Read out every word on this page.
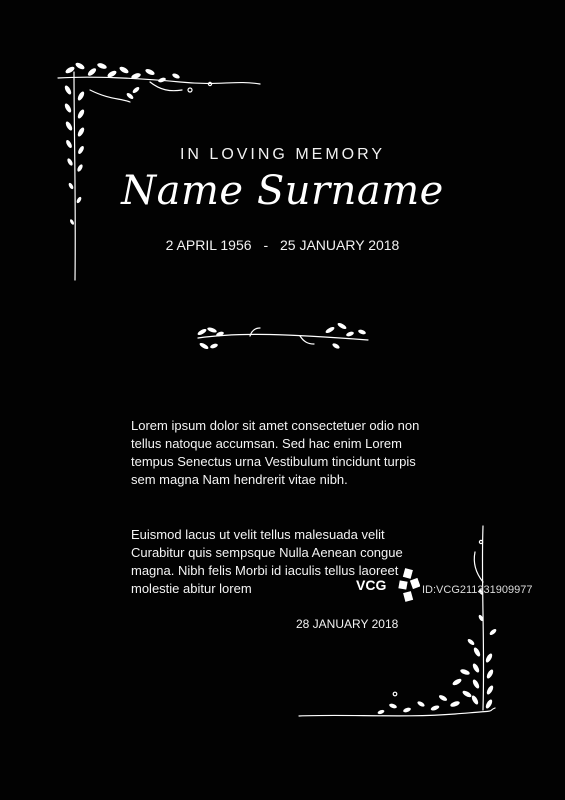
IN LOVING MEMORY
Name Surname
2 APRIL 1956 - 25 JANUARY 2018

Lorem ipsum dolor sit amet consectetuer odio non tellus natoque accumsan. Sed hac enim Lorem tempus Senectus urna Vestibulum tincidunt turpis sem magna Nam hendrerit vitae nibh.

Euismod lacus ut velit tellus malesuada velit Curabitur quis sempsque Nulla Aenean congue magna. Nibh felis Morbi id iaculis tellus laoreet molestie abitur lorem

28 JANUARY 2018
VCG	ID:VCG211331909977
